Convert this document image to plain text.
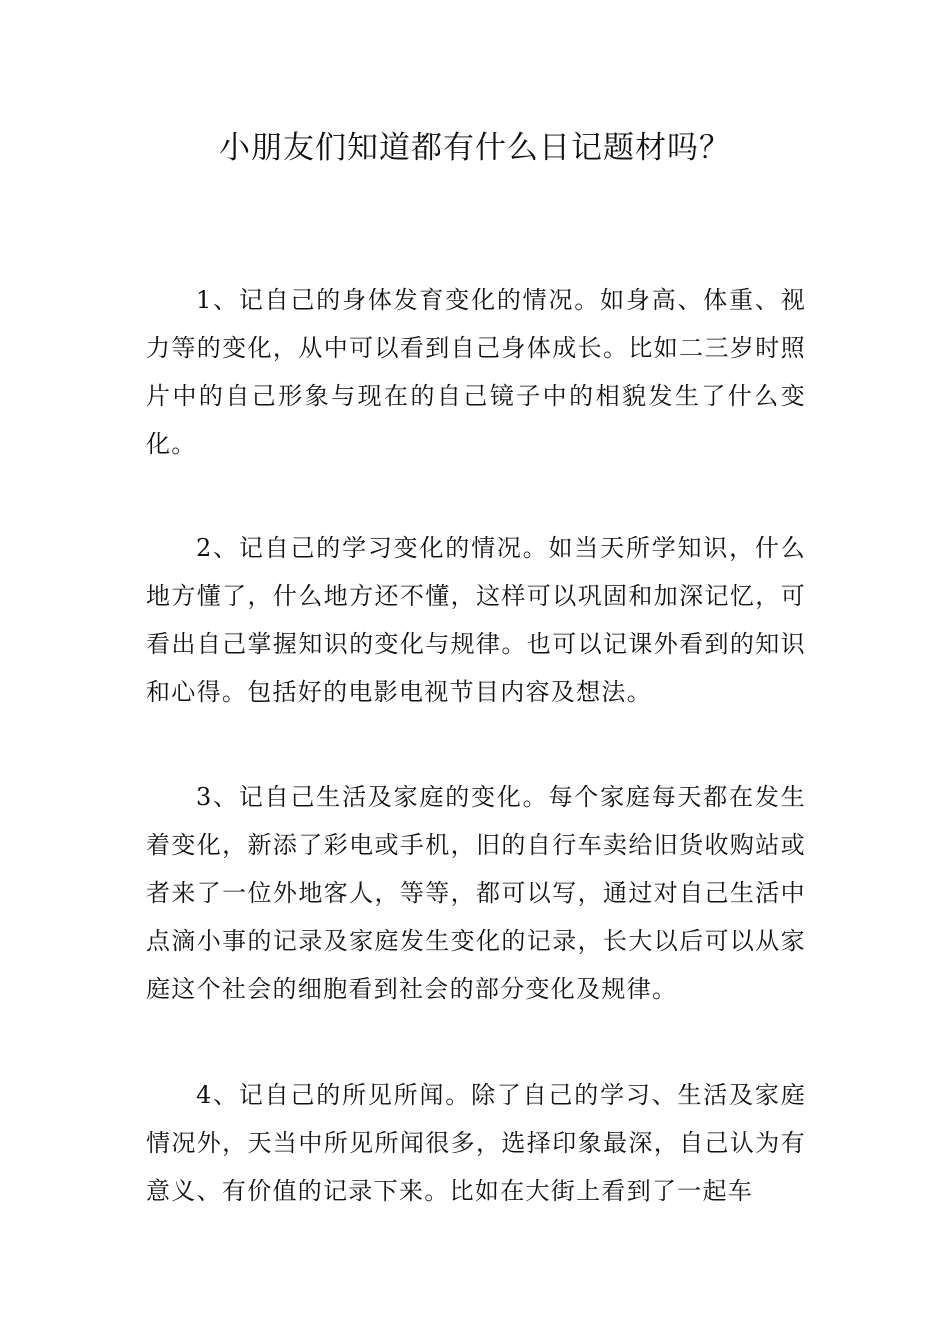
小朋友们知道都有什么日记题材吗？

1、记自己的身体发育变化的情况。如身高、体重、视力等的变化，从中可以看到自己身体成长。比如二三岁时照片中的自己形象与现在的自己镜子中的相貌发生了什么变化。

2、记自己的学习变化的情况。如当天所学知识，什么地方懂了，什么地方还不懂，这样可以巩固和加深记忆，可看出自己掌握知识的变化与规律。也可以记课外看到的知识和心得。包括好的电影电视节目内容及想法。

3、记自己生活及家庭的变化。每个家庭每天都在发生着变化，新添了彩电或手机，旧的自行车卖给旧货收购站或者来了一位外地客人，等等，都可以写，通过对自己生活中点滴小事的记录及家庭发生变化的记录，长大以后可以从家庭这个社会的细胞看到社会的部分变化及规律。

4、记自己的所见所闻。除了自己的学习、生活及家庭情况外，天当中所见所闻很多，选择印象最深，自己认为有意义、有价值的记录下来。比如在大街上看到了一起车
